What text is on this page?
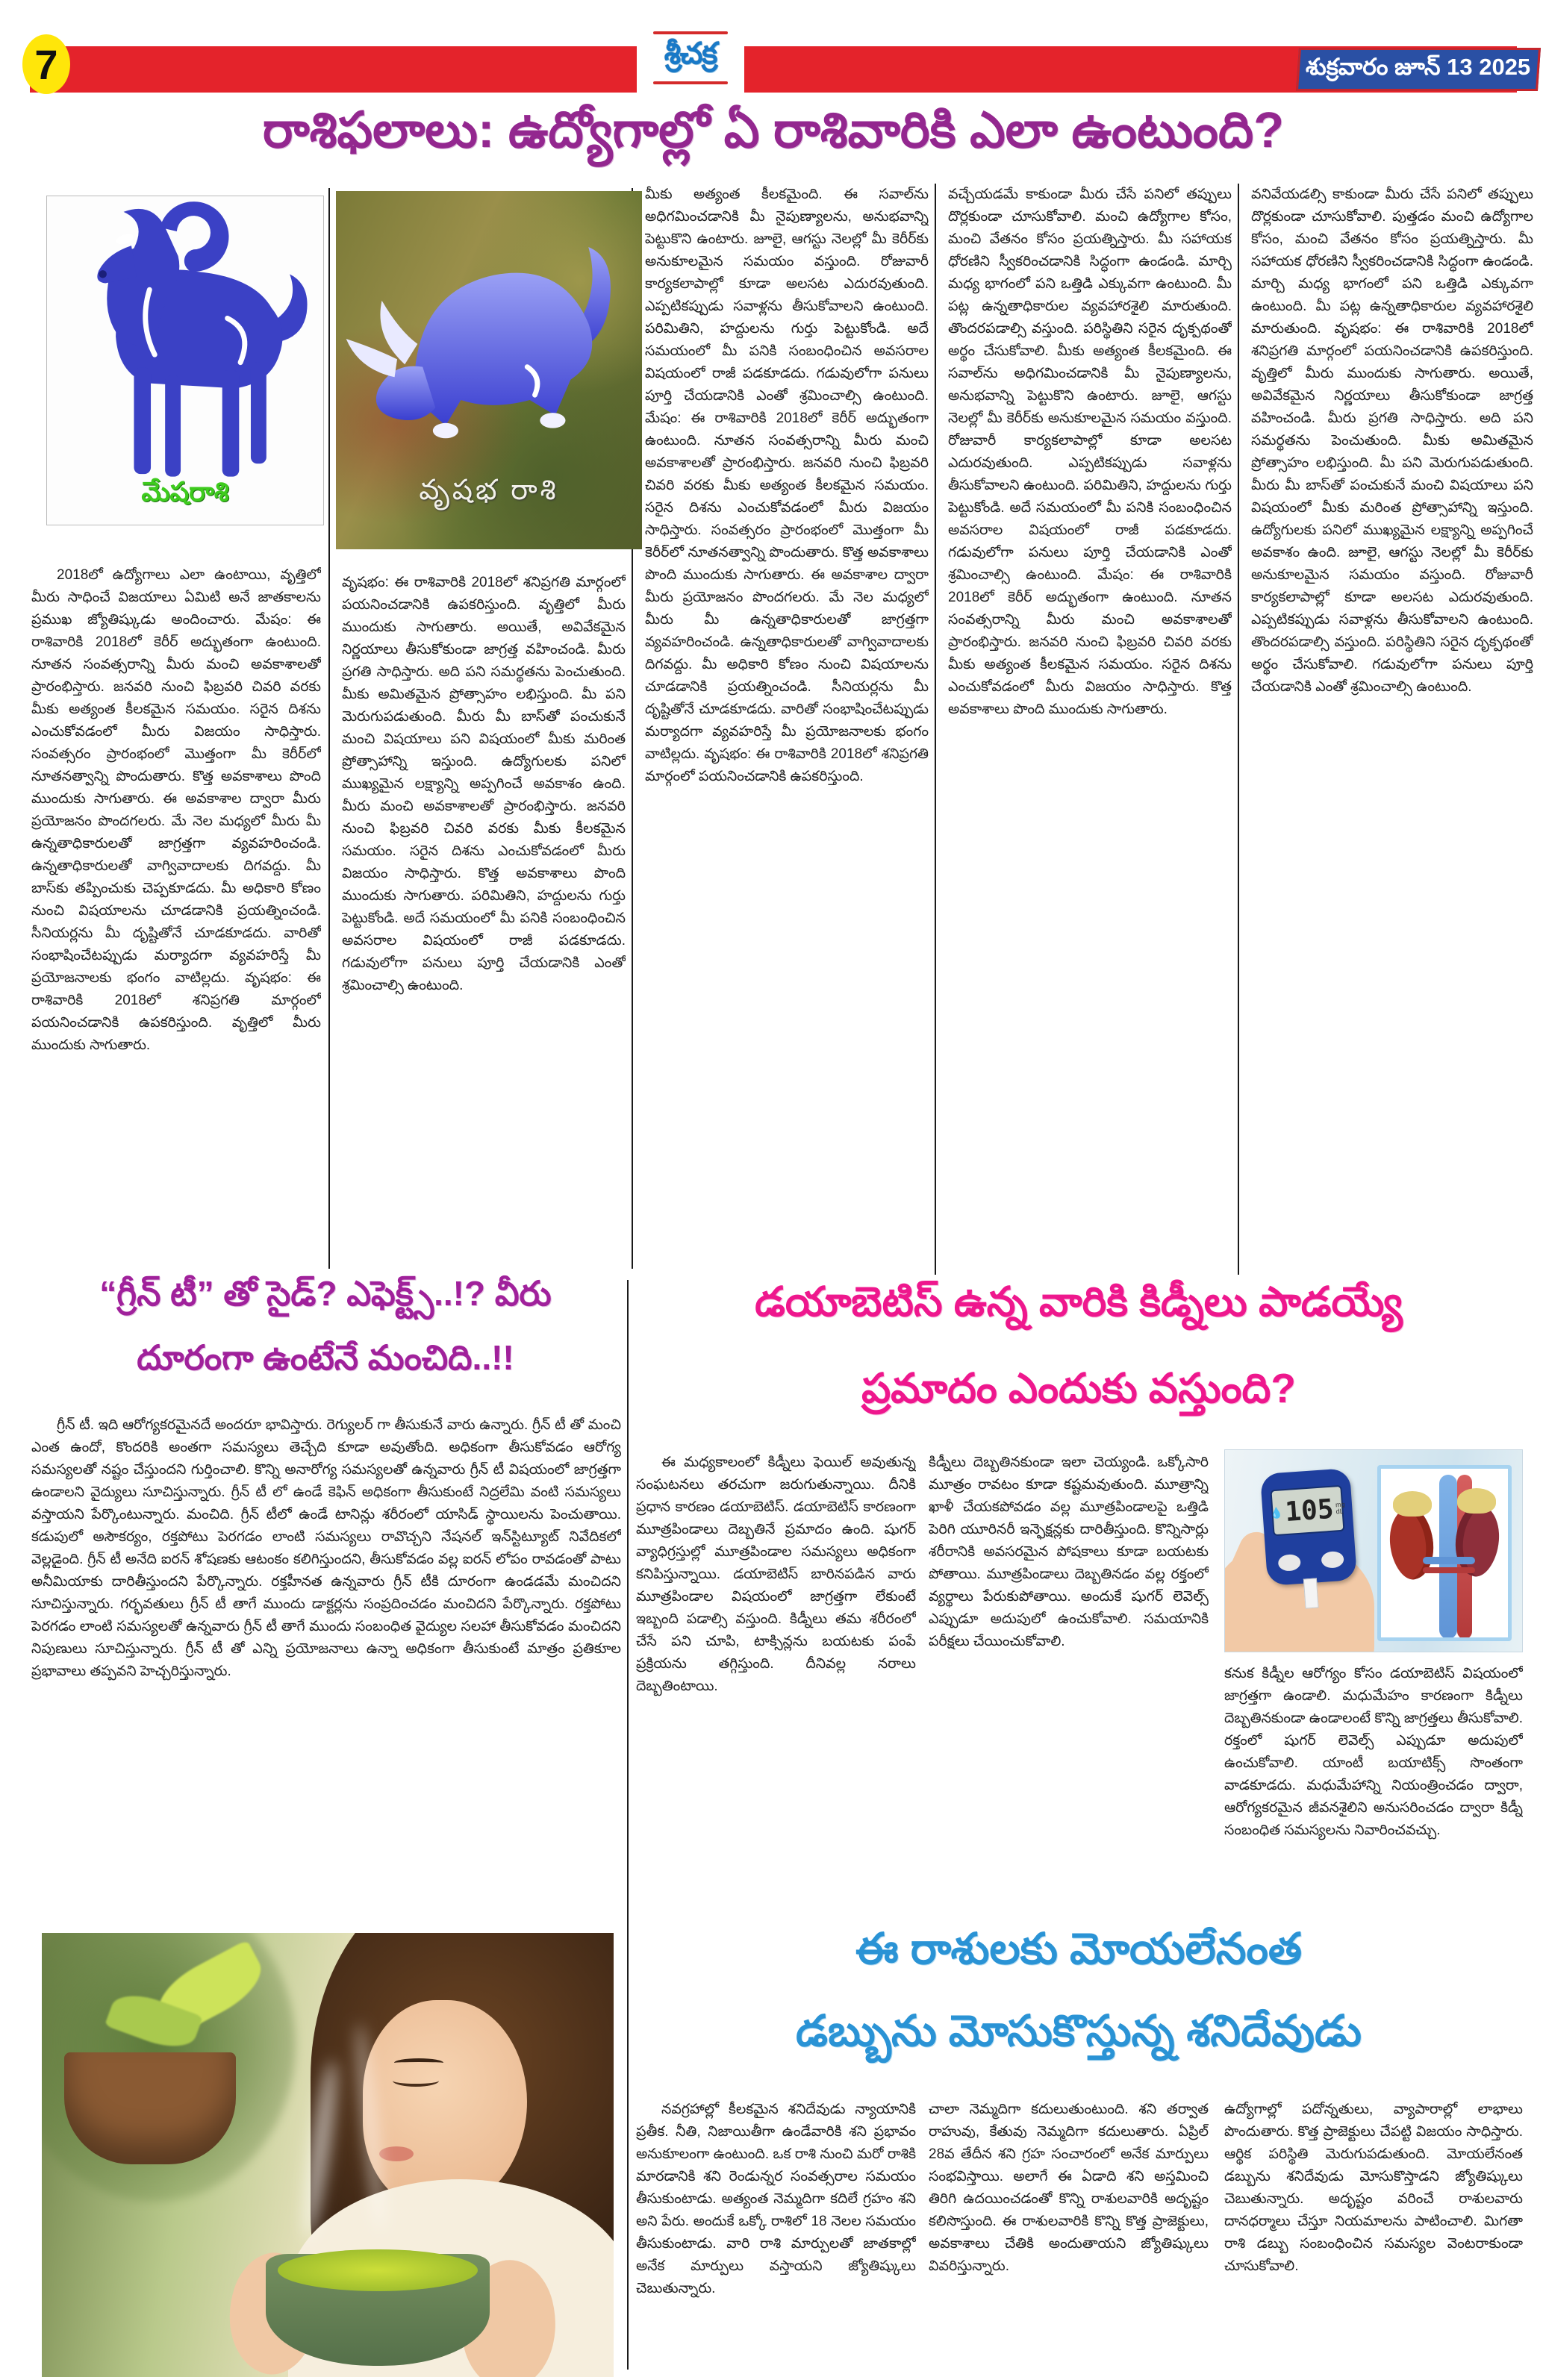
7	శ్రీచక్ర	శుక్రవారం జూన్ 13 2025
రాశిఫలాలు: ఉద్యోగాల్లో ఏ రాశివారికి ఎలా ఉంటుంది?
మేషరాశి	వృషభ రాశి
2018లో ఉద్యోగాలు ఎలా ఉంటాయి, వృత్తిలో మీరు సాధించే విజయాలు ఏమిటి అనే జాతకాలను ప్రముఖ జ్యోతిష్కుడు అందించారు. మేషం: ఈ రాశివారికి 2018లో కెరీర్ అద్భుతంగా ఉంటుంది. నూతన సంవత్సరాన్ని మీరు మంచి అవకాశాలతో ప్రారంభిస్తారు. జనవరి నుంచి ఫిబ్రవరి చివరి వరకు మీకు అత్యంత కీలకమైన సమయం. సరైన దిశను ఎంచుకోవడంలో మీరు విజయం సాధిస్తారు. సంవత్సరం ప్రారంభంలో మొత్తంగా మీ కెరీర్‌లో నూతనత్వాన్ని పొందుతారు. కొత్త అవకాశాలు పొంది ముందుకు సాగుతారు. ఈ అవకాశాల ద్వారా మీరు ప్రయోజనం పొందగలరు. మే నెల మధ్యలో మీరు మీ ఉన్నతాధికారులతో జాగ్రత్తగా వ్యవహరించండి. ఉన్నతాధికారులతో వాగ్వివాదాలకు దిగవద్దు. మీ బాస్‌కు తప్పించుకు చెప్పకూడదు. మీ అధికారి కోణం నుంచి విషయాలను చూడడానికి ప్రయత్నించండి. సీనియర్లను మీ దృష్టితోనే చూడకూడదు. వారితో సంభాషించేటప్పుడు మర్యాదగా వ్యవహరిస్తే మీ ప్రయోజనాలకు భంగం వాటిల్లదు. వృషభం: ఈ రాశివారికి 2018లో శనిప్రగతి మార్గంలో పయనించడానికి ఉపకరిస్తుంది. వృత్తిలో మీరు ముందుకు సాగుతారు.
వృషభం: ఈ రాశివారికి 2018లో శనిప్రగతి మార్గంలో పయనించడానికి ఉపకరిస్తుంది. వృత్తిలో మీరు ముందుకు సాగుతారు. అయితే, అవివేకమైన నిర్ణయాలు తీసుకోకుండా జాగ్రత్త వహించండి. మీరు ప్రగతి సాధిస్తారు. అది పని సమర్థతను పెంచుతుంది. మీకు అమితమైన ప్రోత్సాహం లభిస్తుంది. మీ పని మెరుగుపడుతుంది. మీరు మీ బాస్‌తో పంచుకునే మంచి విషయాలు పని విషయంలో మీకు మరింత ప్రోత్సాహాన్ని ఇస్తుంది. ఉద్యోగులకు పనిలో ముఖ్యమైన లక్ష్యాన్ని అప్పగించే అవకాశం ఉంది. మీరు మంచి అవకాశాలతో ప్రారంభిస్తారు. జనవరి నుంచి ఫిబ్రవరి చివరి వరకు మీకు కీలకమైన సమయం. సరైన దిశను ఎంచుకోవడంలో మీరు విజయం సాధిస్తారు. కొత్త అవకాశాలు పొంది ముందుకు సాగుతారు. పరిమితిని, హద్దులను గుర్తు పెట్టుకోండి. అదే సమయంలో మీ పనికి సంబంధించిన అవసరాల విషయంలో రాజీ పడకూడదు. గడువులోగా పనులు పూర్తి చేయడానికి ఎంతో శ్రమించాల్సి ఉంటుంది.
మీకు అత్యంత కీలకమైంది. ఈ సవాల్‌ను అధిగమించడానికి మీ నైపుణ్యాలను, అనుభవాన్ని పెట్టుకొని ఉంటారు. జూలై, ఆగస్టు నెలల్లో మీ కెరీర్‌కు అనుకూలమైన సమయం వస్తుంది. రోజువారీ కార్యకలాపాల్లో కూడా అలసట ఎదురవుతుంది. ఎప్పటికప్పుడు సవాళ్లను తీసుకోవాలని ఉంటుంది. పరిమితిని, హద్దులను గుర్తు పెట్టుకోండి. అదే సమయంలో మీ పనికి సంబంధించిన అవసరాల విషయంలో రాజీ పడకూడదు. గడువులోగా పనులు పూర్తి చేయడానికి ఎంతో శ్రమించాల్సి ఉంటుంది. మేషం: ఈ రాశివారికి 2018లో కెరీర్ అద్భుతంగా ఉంటుంది. నూతన సంవత్సరాన్ని మీరు మంచి అవకాశాలతో ప్రారంభిస్తారు. జనవరి నుంచి ఫిబ్రవరి చివరి వరకు మీకు అత్యంత కీలకమైన సమయం. సరైన దిశను ఎంచుకోవడంలో మీరు విజయం సాధిస్తారు. సంవత్సరం ప్రారంభంలో మొత్తంగా మీ కెరీర్‌లో నూతనత్వాన్ని పొందుతారు. కొత్త అవకాశాలు పొంది ముందుకు సాగుతారు. ఈ అవకాశాల ద్వారా మీరు ప్రయోజనం పొందగలరు. మే నెల మధ్యలో మీరు మీ ఉన్నతాధికారులతో జాగ్రత్తగా వ్యవహరించండి. ఉన్నతాధికారులతో వాగ్వివాదాలకు దిగవద్దు. మీ అధికారి కోణం నుంచి విషయాలను చూడడానికి ప్రయత్నించండి. సీనియర్లను మీ దృష్టితోనే చూడకూడదు. వారితో సంభాషించేటప్పుడు మర్యాదగా వ్యవహరిస్తే మీ ప్రయోజనాలకు భంగం వాటిల్లదు. వృషభం: ఈ రాశివారికి 2018లో శనిప్రగతి మార్గంలో పయనించడానికి ఉపకరిస్తుంది.
వచ్చేయడమే కాకుండా మీరు చేసే పనిలో తప్పులు దొర్లకుండా చూసుకోవాలి. మంచి ఉద్యోగాల కోసం, మంచి వేతనం కోసం ప్రయత్నిస్తారు. మీ సహాయక ధోరణిని స్వీకరించడానికి సిద్ధంగా ఉండండి. మార్చి మధ్య భాగంలో పని ఒత్తిడి ఎక్కువగా ఉంటుంది. మీ పట్ల ఉన్నతాధికారుల వ్యవహారశైలి మారుతుంది. తొందరపడాల్సి వస్తుంది. పరిస్థితిని సరైన దృక్పథంతో అర్థం చేసుకోవాలి. మీకు అత్యంత కీలకమైంది. ఈ సవాల్‌ను అధిగమించడానికి మీ నైపుణ్యాలను, అనుభవాన్ని పెట్టుకొని ఉంటారు. జూలై, ఆగస్టు నెలల్లో మీ కెరీర్‌కు అనుకూలమైన సమయం వస్తుంది. రోజువారీ కార్యకలాపాల్లో కూడా అలసట ఎదురవుతుంది. ఎప్పటికప్పుడు సవాళ్లను తీసుకోవాలని ఉంటుంది. పరిమితిని, హద్దులను గుర్తు పెట్టుకోండి. అదే సమయంలో మీ పనికి సంబంధించిన అవసరాల విషయంలో రాజీ పడకూడదు. గడువులోగా పనులు పూర్తి చేయడానికి ఎంతో శ్రమించాల్సి ఉంటుంది. మేషం: ఈ రాశివారికి 2018లో కెరీర్ అద్భుతంగా ఉంటుంది. నూతన సంవత్సరాన్ని మీరు మంచి అవకాశాలతో ప్రారంభిస్తారు. జనవరి నుంచి ఫిబ్రవరి చివరి వరకు మీకు అత్యంత కీలకమైన సమయం. సరైన దిశను ఎంచుకోవడంలో మీరు విజయం సాధిస్తారు. కొత్త అవకాశాలు పొంది ముందుకు సాగుతారు.
వనివేయడల్సి కాకుండా మీరు చేసే పనిలో తప్పులు దొర్లకుండా చూసుకోవాలి. పుత్తడం మంచి ఉద్యోగాల కోసం, మంచి వేతనం కోసం ప్రయత్నిస్తారు. మీ సహాయక ధోరణిని స్వీకరించడానికి సిద్ధంగా ఉండండి. మార్చి మధ్య భాగంలో పని ఒత్తిడి ఎక్కువగా ఉంటుంది. మీ పట్ల ఉన్నతాధికారుల వ్యవహారశైలి మారుతుంది. వృషభం: ఈ రాశివారికి 2018లో శనిప్రగతి మార్గంలో పయనించడానికి ఉపకరిస్తుంది. వృత్తిలో మీరు ముందుకు సాగుతారు. అయితే, అవివేకమైన నిర్ణయాలు తీసుకోకుండా జాగ్రత్త వహించండి. మీరు ప్రగతి సాధిస్తారు. అది పని సమర్థతను పెంచుతుంది. మీకు అమితమైన ప్రోత్సాహం లభిస్తుంది. మీ పని మెరుగుపడుతుంది. మీరు మీ బాస్‌తో పంచుకునే మంచి విషయాలు పని విషయంలో మీకు మరింత ప్రోత్సాహాన్ని ఇస్తుంది. ఉద్యోగులకు పనిలో ముఖ్యమైన లక్ష్యాన్ని అప్పగించే అవకాశం ఉంది. జూలై, ఆగస్టు నెలల్లో మీ కెరీర్‌కు అనుకూలమైన సమయం వస్తుంది. రోజువారీ కార్యకలాపాల్లో కూడా అలసట ఎదురవుతుంది. ఎప్పటికప్పుడు సవాళ్లను తీసుకోవాలని ఉంటుంది. తొందరపడాల్సి వస్తుంది. పరిస్థితిని సరైన దృక్పథంతో అర్థం చేసుకోవాలి. గడువులోగా పనులు పూర్తి చేయడానికి ఎంతో శ్రమించాల్సి ఉంటుంది.
“గ్రీన్ టీ” తో సైడ్? ఎఫెక్ట్స్..!? వీరు
దూరంగా ఉంటేనే మంచిది..!!
గ్రీన్ టీ. ఇది ఆరోగ్యకరమైనదే అందరూ భావిస్తారు. రెగ్యులర్ గా తీసుకునే వారు ఉన్నారు. గ్రీన్ టీ తో మంచి ఎంత ఉందో, కొందరికి అంతగా సమస్యలు తెచ్చేది కూడా అవుతోంది. అధికంగా తీసుకోవడం ఆరోగ్య సమస్యలతో నష్టం చేస్తుందని గుర్తించాలి. కొన్ని అనారోగ్య సమస్యలతో ఉన్నవారు గ్రీన్ టీ విషయంలో జాగ్రత్తగా ఉండాలని వైద్యులు సూచిస్తున్నారు. గ్రీన్ టీ లో ఉండే కెఫిన్ అధికంగా తీసుకుంటే నిద్రలేమి వంటి సమస్యలు వస్తాయని పేర్కొంటున్నారు. మంచిది. గ్రీన్ టీలో ఉండే టానిన్లు శరీరంలో యాసిడ్ స్థాయిలను పెంచుతాయి. కడుపులో అసౌకర్యం, రక్తపోటు పెరగడం లాంటి సమస్యలు రావొచ్చని నేషనల్ ఇన్‌స్టిట్యూట్ నివేదికలో వెల్లడైంది. గ్రీన్ టీ అనేది ఐరన్ శోషణకు ఆటంకం కలిగిస్తుందని, తీసుకోవడం వల్ల ఐరన్ లోపం రావడంతో పాటు అనీమియాకు దారితీస్తుందని పేర్కొన్నారు. రక్తహీనత ఉన్నవారు గ్రీన్ టీకి దూరంగా ఉండడమే మంచిదని సూచిస్తున్నారు. గర్భవతులు గ్రీన్ టీ తాగే ముందు డాక్టర్లను సంప్రదించడం మంచిదని పేర్కొన్నారు. రక్తపోటు పెరగడం లాంటి సమస్యలతో ఉన్నవారు గ్రీన్ టీ తాగే ముందు సంబంధిత వైద్యుల సలహా తీసుకోవడం మంచిదని నిపుణులు సూచిస్తున్నారు. గ్రీన్ టీ తో ఎన్ని ప్రయోజనాలు ఉన్నా అధికంగా తీసుకుంటే మాత్రం ప్రతికూల ప్రభావాలు తప్పవని హెచ్చరిస్తున్నారు.
డయాబెటిస్ ఉన్న వారికి కిడ్నీలు పాడయ్యే
ప్రమాదం ఎందుకు వస్తుంది?
ఈ మధ్యకాలంలో కిడ్నీలు ఫెయిల్ అవుతున్న సంఘటనలు తరచుగా జరుగుతున్నాయి. దీనికి ప్రధాన కారణం డయాబెటిస్. డయాబెటిస్ కారణంగా మూత్రపిండాలు దెబ్బతినే ప్రమాదం ఉంది. షుగర్ వ్యాధిగ్రస్తుల్లో మూత్రపిండాల సమస్యలు అధికంగా కనిపిస్తున్నాయి. డయాబెటిస్ బారినపడిన వారు మూత్రపిండాల విషయంలో జాగ్రత్తగా లేకుంటే ఇబ్బంది పడాల్సి వస్తుంది. కిడ్నీలు తమ శరీరంలో చేసే పని చూపి, టాక్సిన్లను బయటకు పంపే ప్రక్రియను తగ్గిస్తుంది. దీనివల్ల నరాలు దెబ్బతింటాయి.
కిడ్నీలు దెబ్బతినకుండా ఇలా చెయ్యండి. ఒక్కోసారి మూత్రం రావటం కూడా కష్టమవుతుంది. మూత్రాన్ని ఖాళీ చేయకపోవడం వల్ల మూత్రపిండాలపై ఒత్తిడి పెరిగి యూరినరీ ఇన్ఫెక్షన్లకు దారితీస్తుంది. కొన్నిసార్లు శరీరానికి అవసరమైన పోషకాలు కూడా బయటకు పోతాయి. మూత్రపిండాలు దెబ్బతినడం వల్ల రక్తంలో వ్యర్థాలు పేరుకుపోతాయి. అందుకే షుగర్ లెవెల్స్ ఎప్పుడూ అదుపులో ఉంచుకోవాలి. సమయానికి పరీక్షలు చేయించుకోవాలి.
కనుక కిడ్నీల ఆరోగ్యం కోసం డయాబెటిస్ విషయంలో జాగ్రత్తగా ఉండాలి. మధుమేహం కారణంగా కిడ్నీలు దెబ్బతినకుండా ఉండాలంటే కొన్ని జాగ్రత్తలు తీసుకోవాలి. రక్తంలో షుగర్ లెవెల్స్ ఎప్పుడూ అదుపులో ఉంచుకోవాలి. యాంటీ బయాటిక్స్ సొంతంగా వాడకూడదు. మధుమేహాన్ని నియంత్రించడం ద్వారా, ఆరోగ్యకరమైన జీవనశైలిని అనుసరించడం ద్వారా కిడ్నీ సంబంధిత సమస్యలను నివారించవచ్చు.
💧 105 mg dL
ఈ రాశులకు మోయలేనంత
డబ్బును మోసుకొస్తున్న శనిదేవుడు
నవగ్రహాల్లో కీలకమైన శనిదేవుడు న్యాయానికి ప్రతీక. నీతి, నిజాయితీగా ఉండేవారికి శని ప్రభావం అనుకూలంగా ఉంటుంది. ఒక రాశి నుంచి మరో రాశికి మారడానికి శని రెండున్నర సంవత్సరాల సమయం తీసుకుంటాడు. అత్యంత నెమ్మదిగా కదిలే గ్రహం శని అని పేరు. అందుకే ఒక్కో రాశిలో 18 నెలల సమయం తీసుకుంటాడు. వారి రాశి మార్పులతో జాతకాల్లో అనేక మార్పులు వస్తాయని జ్యోతిష్కులు చెబుతున్నారు.
చాలా నెమ్మదిగా కదులుతుంటుంది. శని తర్వాత రాహువు, కేతువు నెమ్మదిగా కదులుతారు. ఏప్రిల్ 28వ తేదీన శని గ్రహ సంచారంలో అనేక మార్పులు సంభవిస్తాయి. అలాగే ఈ ఏడాది శని అస్తమించి తిరిగి ఉదయించడంతో కొన్ని రాశులవారికి అదృష్టం కలిసొస్తుంది. ఈ రాశులవారికి కొన్ని కొత్త ప్రాజెక్టులు, అవకాశాలు చేతికి అందుతాయని జ్యోతిష్కులు వివరిస్తున్నారు.
ఉద్యోగాల్లో పదోన్నతులు, వ్యాపారాల్లో లాభాలు పొందుతారు. కొత్త ప్రాజెక్టులు చేపట్టి విజయం సాధిస్తారు. ఆర్థిక పరిస్థితి మెరుగుపడుతుంది. మోయలేనంత డబ్బును శనిదేవుడు మోసుకొస్తాడని జ్యోతిష్కులు చెబుతున్నారు. అదృష్టం వరించే రాశులవారు దానధర్మాలు చేస్తూ నియమాలను పాటించాలి. మిగతా రాశి డబ్బు సంబంధించిన సమస్యల వెంటరాకుండా చూసుకోవాలి.
